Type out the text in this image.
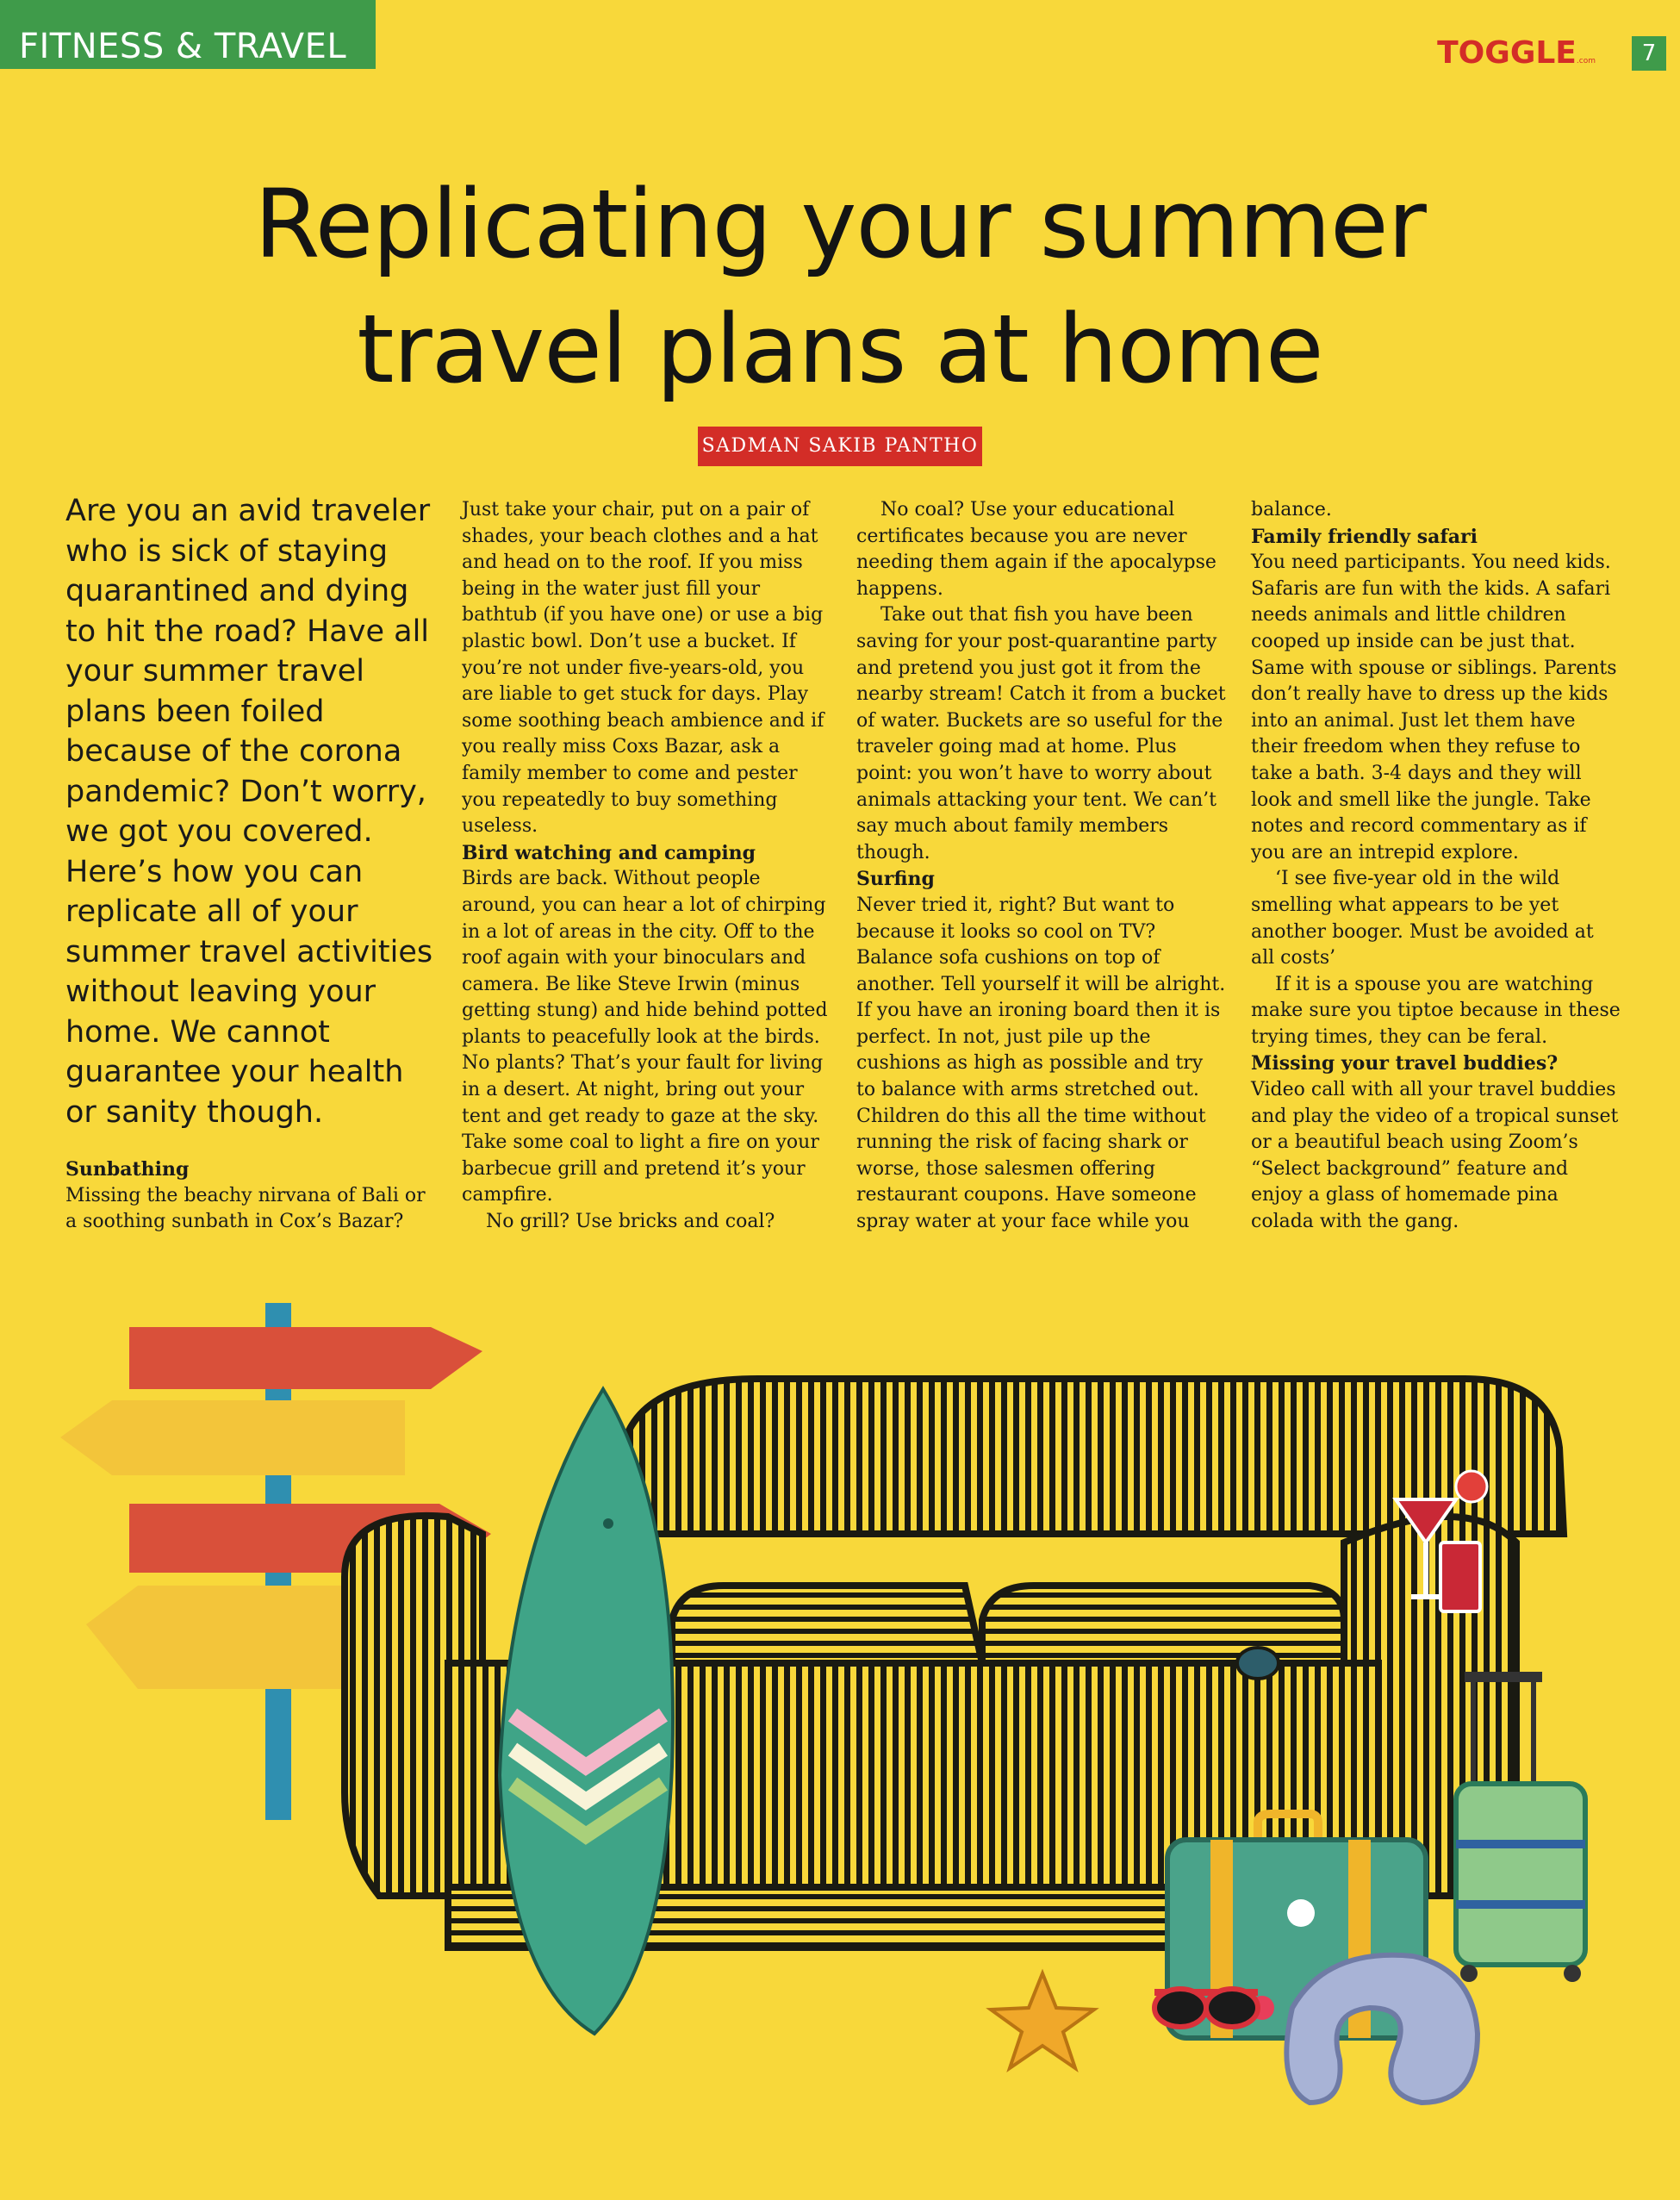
FITNESS & TRAVEL	TOGGLE.com	7
Replicating your summer
travel plans at home
SADMAN SAKIB PANTHO
Are you an avid traveler who is sick of staying quarantined and dying to hit the road? Have all your summer travel plans been foiled because of the corona pandemic? Don’t worry, we got you covered. Here’s how you can replicate all of your summer travel activities without leaving your home. We cannot guarantee your health or sanity though.

Sunbathing

Missing the beachy nirvana of Bali or a soothing sunbath in Cox’s Bazar?

Just take your chair, put on a pair of shades, your beach clothes and a hat and head on to the roof. If you miss being in the water just fill your bathtub (if you have one) or use a big plastic bowl. Don’t use a bucket. If you’re not under five-years-old, you are liable to get stuck for days. Play some soothing beach ambience and if you really miss Coxs Bazar, ask a family member to come and pester you repeatedly to buy something useless.

Bird watching and camping

Birds are back. Without people around, you can hear a lot of chirping in a lot of areas in the city. Off to the roof again with your binoculars and camera. Be like Steve Irwin (minus getting stung) and hide behind potted plants to peacefully look at the birds. No plants? That’s your fault for living in a desert. At night, bring out your tent and get ready to gaze at the sky. Take some coal to light a fire on your barbecue grill and pretend it’s your campfire.

No grill? Use bricks and coal?

No coal? Use your educational certificates because you are never needing them again if the apocalypse happens.

Take out that fish you have been saving for your post-quarantine party and pretend you just got it from the nearby stream! Catch it from a bucket of water. Buckets are so useful for the traveler going mad at home. Plus point: you won’t have to worry about animals attacking your tent. We can’t say much about family members though.

Surfing

Never tried it, right? But want to because it looks so cool on TV? Balance sofa cushions on top of another. Tell yourself it will be alright. If you have an ironing board then it is perfect. In not, just pile up the cushions as high as possible and try to balance with arms stretched out. Children do this all the time without running the risk of facing shark or worse, those salesmen offering restaurant coupons. Have someone spray water at your face while you

balance.

Family friendly safari

You need participants. You need kids. Safaris are fun with the kids. A safari needs animals and little children cooped up inside can be just that. Same with spouse or siblings. Parents don’t really have to dress up the kids into an animal. Just let them have their freedom when they refuse to take a bath. 3-4 days and they will look and smell like the jungle. Take notes and record commentary as if you are an intrepid explore.

‘I see five-year old in the wild smelling what appears to be yet another booger. Must be avoided at all costs’

If it is a spouse you are watching make sure you tiptoe because in these trying times, they can be feral.

Missing your travel buddies?

Video call with all your travel buddies and play the video of a tropical sunset or a beautiful beach using Zoom’s “Select background” feature and enjoy a glass of homemade pina colada with the gang.
